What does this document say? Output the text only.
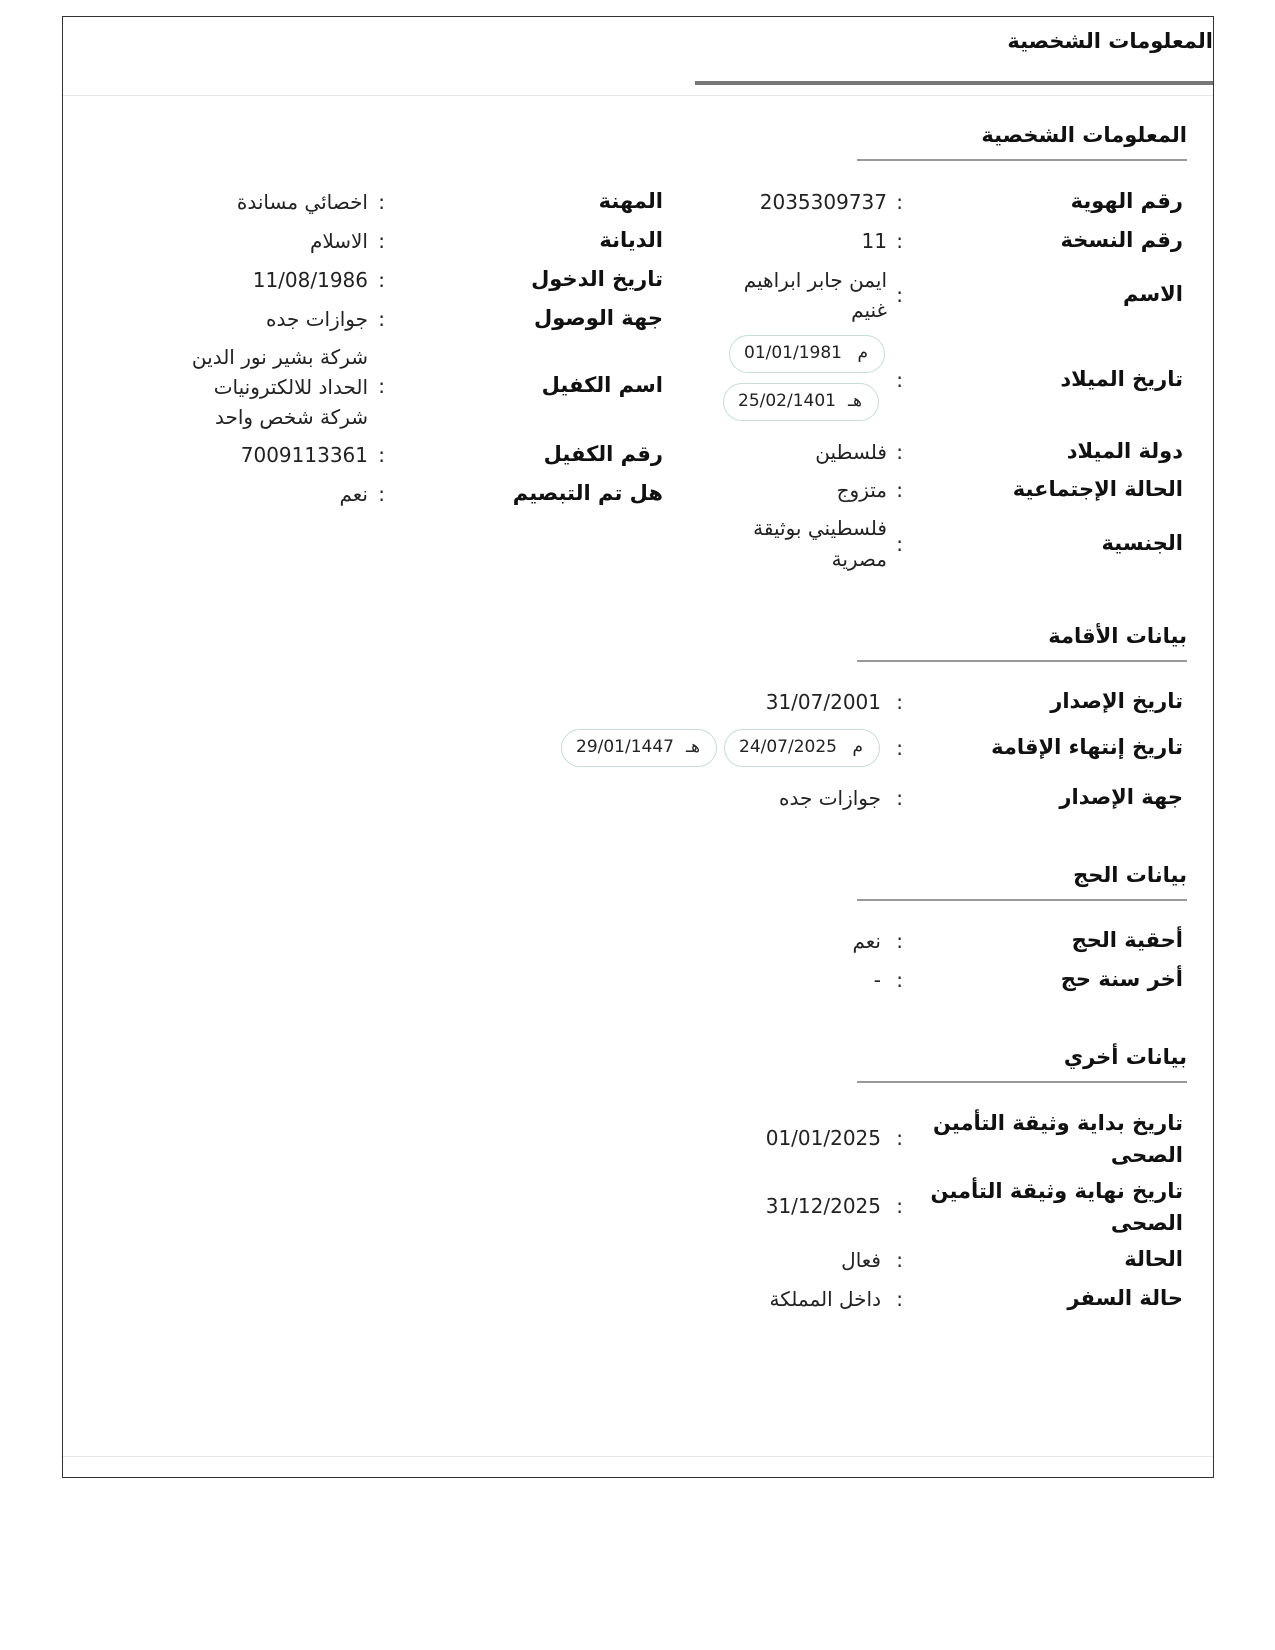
المعلومات الشخصية
المعلومات الشخصية
رقم الهوية
:
2035309737
رقم النسخة
:
11
الاسم
:
ايمن جابر ابراهيم
غنيم
تاريخ الميلاد
:
م
01/01/1981
هـ
25/02/1401
دولة الميلاد
:
فلسطين
الحالة الإجتماعية
:
متزوج
الجنسية
:
فلسطيني بوثيقة
مصرية
المهنة
:
اخصائي مساندة
الديانة
:
الاسلام
تاريخ الدخول
:
11/08/1986
جهة الوصول
:
جوازات جده
اسم الكفيل
:
شركة بشير نور الدين
الحداد للالكترونيات
شركة شخص واحد
رقم الكفيل
:
7009113361
هل تم التبصيم
:
نعم
بيانات الأقامة
تاريخ الإصدار
:
31/07/2001
تاريخ إنتهاء الإقامة
:
م
24/07/2025
هـ
29/01/1447
جهة الإصدار
:
جوازات جده
بيانات الحج
أحقية الحج
:
نعم
أخر سنة حج
:
-
بيانات أخري
تاريخ بداية وثيقة التأمين
الصحى
:
01/01/2025
تاريخ نهاية وثيقة التأمين
الصحى
:
31/12/2025
الحالة
:
فعال
حالة السفر
:
داخل المملكة
